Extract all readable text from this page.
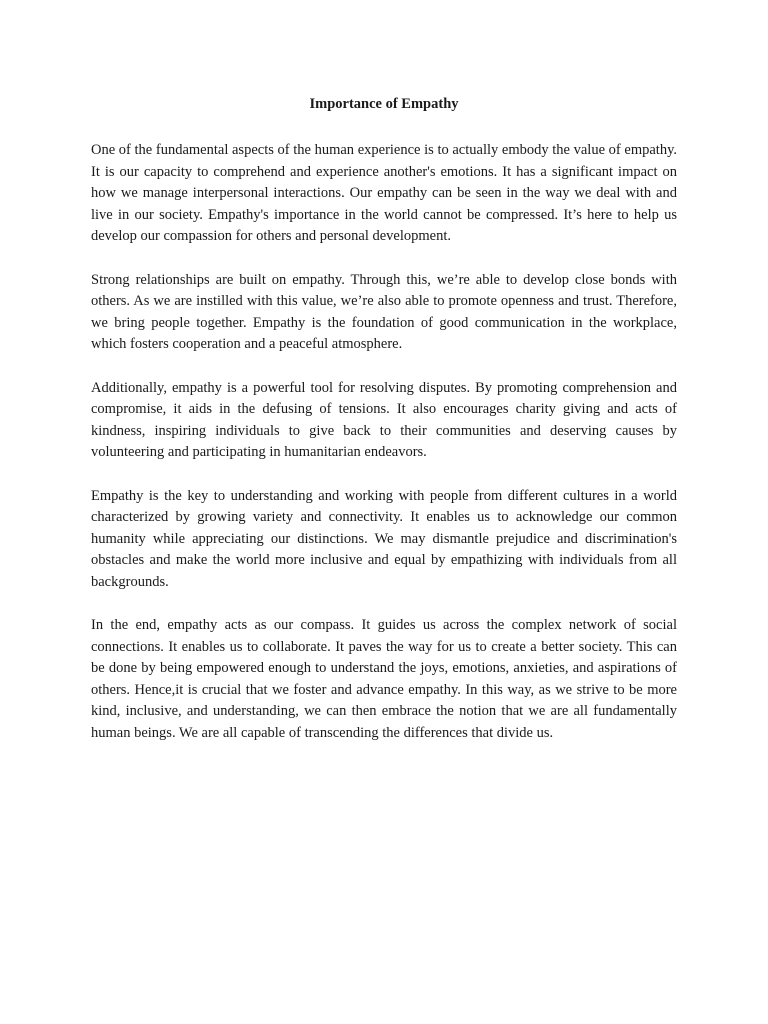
Importance of Empathy

One of the fundamental aspects of the human experience is to actually embody the value of empathy. It is our capacity to comprehend and experience another's emotions. It has a significant impact on how we manage interpersonal interactions. Our empathy can be seen in the way we deal with and live in our society. Empathy's importance in the world cannot be compressed. It’s here to help us develop our compassion for others and personal development.

Strong relationships are built on empathy. Through this, we’re able to develop close bonds with others. As we are instilled with this value, we’re also able to promote openness and trust. Therefore, we bring people together. Empathy is the foundation of good communication in the workplace, which fosters cooperation and a peaceful atmosphere.

Additionally, empathy is a powerful tool for resolving disputes. By promoting comprehension and compromise, it aids in the defusing of tensions. It also encourages charity giving and acts of kindness, inspiring individuals to give back to their communities and deserving causes by volunteering and participating in humanitarian endeavors.

Empathy is the key to understanding and working with people from different cultures in a world characterized by growing variety and connectivity. It enables us to acknowledge our common humanity while appreciating our distinctions. We may dismantle prejudice and discrimination's obstacles and make the world more inclusive and equal by empathizing with individuals from all backgrounds.

In the end, empathy acts as our compass. It guides us across the complex network of social connections. It enables us to collaborate. It paves the way for us to create a better society. This can be done by being empowered enough to understand the joys, emotions, anxieties, and aspirations of others. Hence,it is crucial that we foster and advance empathy. In this way, as we strive to be more kind, inclusive, and understanding, we can then embrace the notion that we are all fundamentally human beings. We are all capable of transcending the differences that divide us.
